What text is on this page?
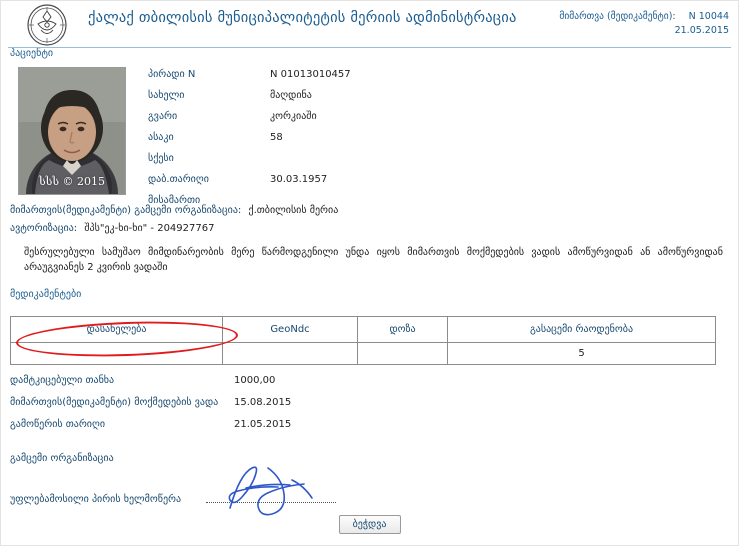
ქალაქ თბილისის მუნიციპალიტეტის მერიის ადმინისტრაცია	მიმართვა (მედიკამენტი): N 10044
21.05.2015
პაციენტი
სსს © 2015
პირადი N	N 01013010457
სახელი	მაღდინა
გვარი	კორკიაში
ასაკი	58
სქესი
დაბ.თარიღი	30.03.1957
მისამართი
მიმართვის(მედიკამენტი) გამცემი ორგანიზაცია: ქ.თბილისის მერია
ავტორიზაცია: შპს"ეკ-ხი-ხი" - 204927767
შესრულებული სამუშაო მიმდინარეობის მერე წარმოდგენილი უნდა იყოს მიმართვის მოქმედების ვადის ამოწურვიდან ან ამოწურვიდან არაუგვიანეს 2 კვირის ვადაში
მედიკამენტები
დასახელება	GeoNdc	დოზა	გასაცემი რაოდენობა
			5
დამტკიცებული თანხა	1000,00
მიმართვის(მედიკამენტი) მოქმედების ვადა	15.08.2015
გამოწერის თარიღი	21.05.2015
გამცემი ორგანიზაცია
უფლებამოსილი პირის ხელმოწერა
ბეჭდვა
